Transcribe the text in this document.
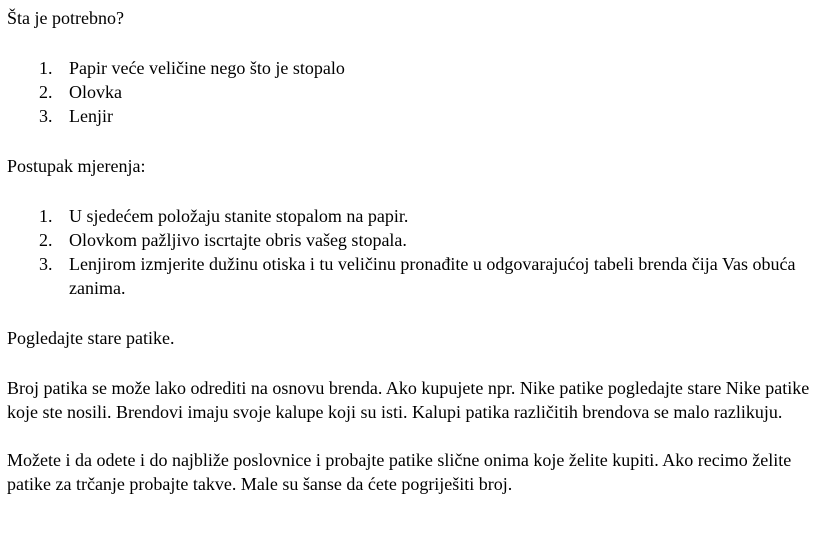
Šta je potrebno?

1. Papir veće veličine nego što je stopalo
2. Olovka
3. Lenjir

Postupak mjerenja:

1. U sjedećem položaju stanite stopalom na papir.
2. Olovkom pažljivo iscrtajte obris vašeg stopala.
3. Lenjirom izmjerite dužinu otiska i tu veličinu pronađite u odgovarajućoj tabeli brenda čija Vas obuća zanima.

Pogledajte stare patike.

Broj patika se može lako odrediti na osnovu brenda. Ako kupujete npr. Nike patike pogledajte stare Nike patike koje ste nosili. Brendovi imaju svoje kalupe koji su isti. Kalupi patika različitih brendova se malo razlikuju.

Možete i da odete i do najbliže poslovnice i probajte patike slične onima koje želite kupiti. Ako recimo želite patike za trčanje probajte takve. Male su šanse da ćete pogriješiti broj.
